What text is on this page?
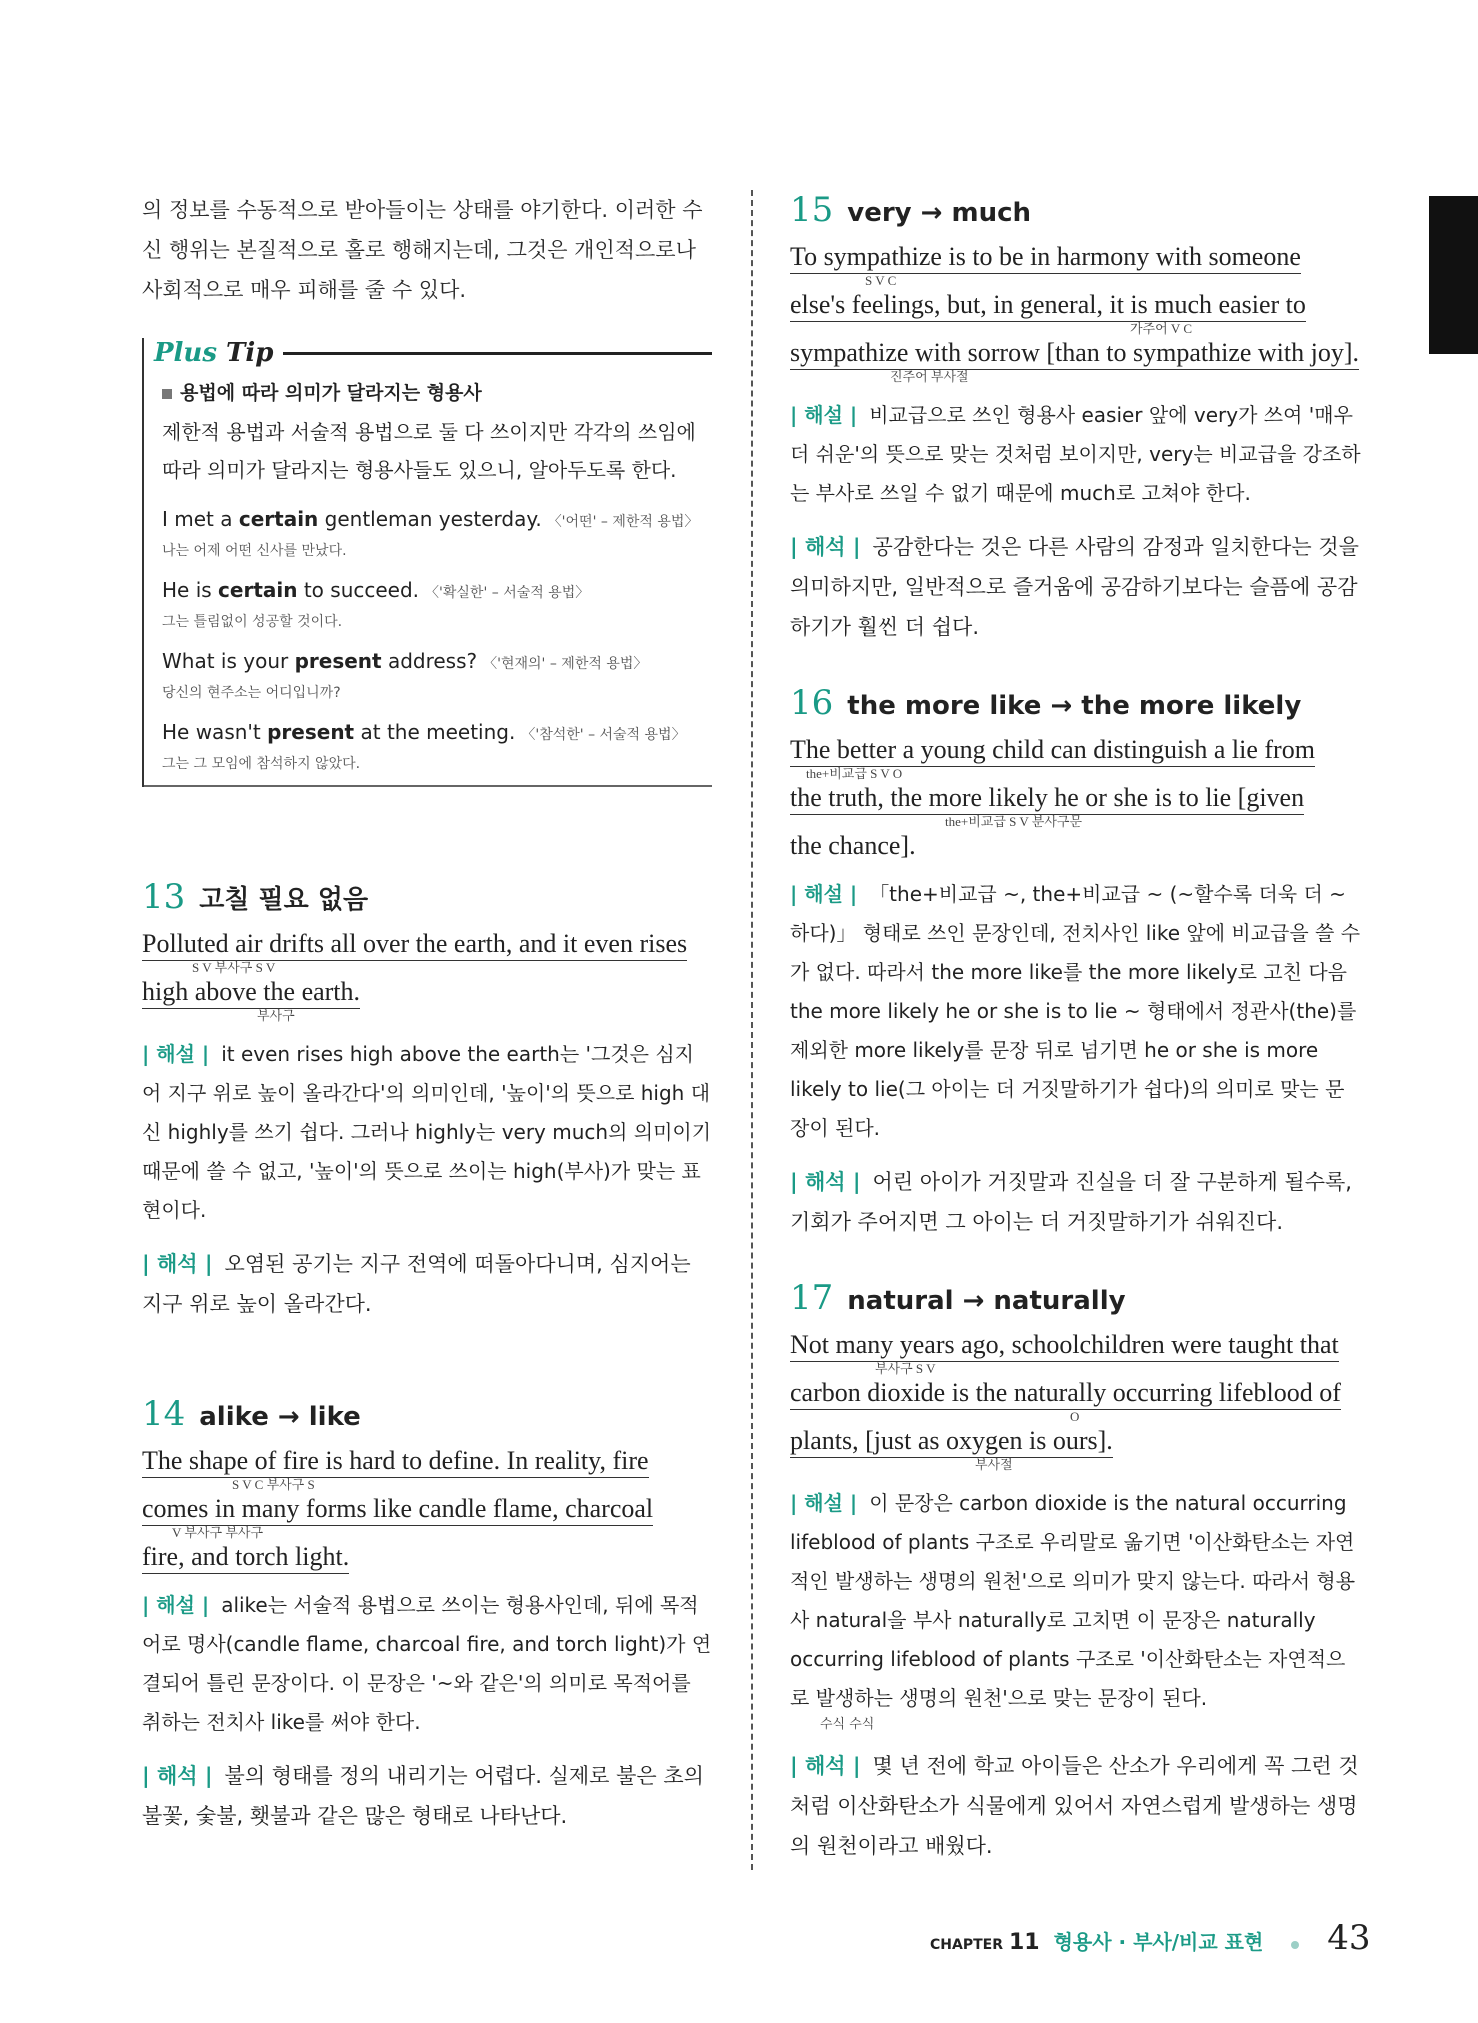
의 정보를 수동적으로 받아들이는 상태를 야기한다. 이러한 수신 행위는 본질적으로 홀로 행해지는데, 그것은 개인적으로나 사회적으로 매우 피해를 줄 수 있다.
Plus Tip
용법에 따라 의미가 달라지는 형용사
제한적 용법과 서술적 용법으로 둘 다 쓰이지만 각각의 쓰임에 따라 의미가 달라지는 형용사들도 있으니, 알아두도록 한다.
I met a certain gentleman yesterday. 〈'어떤' – 제한적 용법〉
나는 어제 어떤 신사를 만났다.
He is certain to succeed. 〈'확실한' – 서술적 용법〉
그는 틀림없이 성공할 것이다.
What is your present address? 〈'현재의' – 제한적 용법〉
당신의 현주소는 어디입니까?
He wasn't present at the meeting. 〈'참석한' – 서술적 용법〉
그는 그 모임에 참석하지 않았다.
13 고칠 필요 없음
Polluted air drifts all over the earth, and it even rises
S V 부사구 S V
high above the earth.
부사구
| 해설 | it even rises high above the earth는 '그것은 심지어 지구 위로 높이 올라간다'의 의미인데, '높이'의 뜻으로 high 대신 highly를 쓰기 쉽다. 그러나 highly는 very much의 의미이기 때문에 쓸 수 없고, '높이'의 뜻으로 쓰이는 high(부사)가 맞는 표현이다.
| 해석 | 오염된 공기는 지구 전역에 떠돌아다니며, 심지어는 지구 위로 높이 올라간다.
14 alike → like
The shape of fire is hard to define. In reality, fire
S V C 부사구 S
comes in many forms like candle flame, charcoal
V 부사구 부사구
fire, and torch light.
| 해설 | alike는 서술적 용법으로 쓰이는 형용사인데, 뒤에 목적어로 명사(candle flame, charcoal fire, and torch light)가 연결되어 틀린 문장이다. 이 문장은 '~와 같은'의 의미로 목적어를 취하는 전치사 like를 써야 한다.
| 해석 | 불의 형태를 정의 내리기는 어렵다. 실제로 불은 초의 불꽃, 숯불, 횃불과 같은 많은 형태로 나타난다.
15 very → much
To sympathize is to be in harmony with someone
S V C
else's feelings, but, in general, it is much easier to
가주어 V C
sympathize with sorrow [than to sympathize with joy].
진주어 부사절
| 해설 | 비교급으로 쓰인 형용사 easier 앞에 very가 쓰여 '매우 더 쉬운'의 뜻으로 맞는 것처럼 보이지만, very는 비교급을 강조하는 부사로 쓰일 수 없기 때문에 much로 고쳐야 한다.
| 해석 | 공감한다는 것은 다른 사람의 감정과 일치한다는 것을 의미하지만, 일반적으로 즐거움에 공감하기보다는 슬픔에 공감하기가 훨씬 더 쉽다.
16 the more like → the more likely
The better a young child can distinguish a lie from
the+비교급 S V O
the truth, the more likely he or she is to lie [given
the+비교급 S V 분사구문
the chance].
| 해설 | 「the+비교급 ~, the+비교급 ~ (~할수록 더욱 더 ~하다)」 형태로 쓰인 문장인데, 전치사인 like 앞에 비교급을 쓸 수가 없다. 따라서 the more like를 the more likely로 고친 다음 the more likely he or she is to lie ~ 형태에서 정관사(the)를 제외한 more likely를 문장 뒤로 넘기면 he or she is more likely to lie(그 아이는 더 거짓말하기가 쉽다)의 의미로 맞는 문장이 된다.
| 해석 | 어린 아이가 거짓말과 진실을 더 잘 구분하게 될수록, 기회가 주어지면 그 아이는 더 거짓말하기가 쉬워진다.
17 natural → naturally
Not many years ago, schoolchildren were taught that
부사구 S V
carbon dioxide is the naturally occurring lifeblood of
O
plants, [just as oxygen is ours].
부사절
| 해설 | 이 문장은 carbon dioxide is the natural occurring lifeblood of plants 구조로 우리말로 옮기면 '이산화탄소는 자연적인 발생하는 생명의 원천'으로 의미가 맞지 않는다. 따라서 형용사 natural을 부사 naturally로 고치면 이 문장은 naturally occurring lifeblood of plants 구조로 '이산화탄소는 자연적으로 발생하는 생명의 원천'으로 맞는 문장이 된다.
수식 수식
| 해석 | 몇 년 전에 학교 아이들은 산소가 우리에게 꼭 그런 것처럼 이산화탄소가 식물에게 있어서 자연스럽게 발생하는 생명의 원천이라고 배웠다.
CHAPTER 11 형용사 · 부사/비교 표현 43
